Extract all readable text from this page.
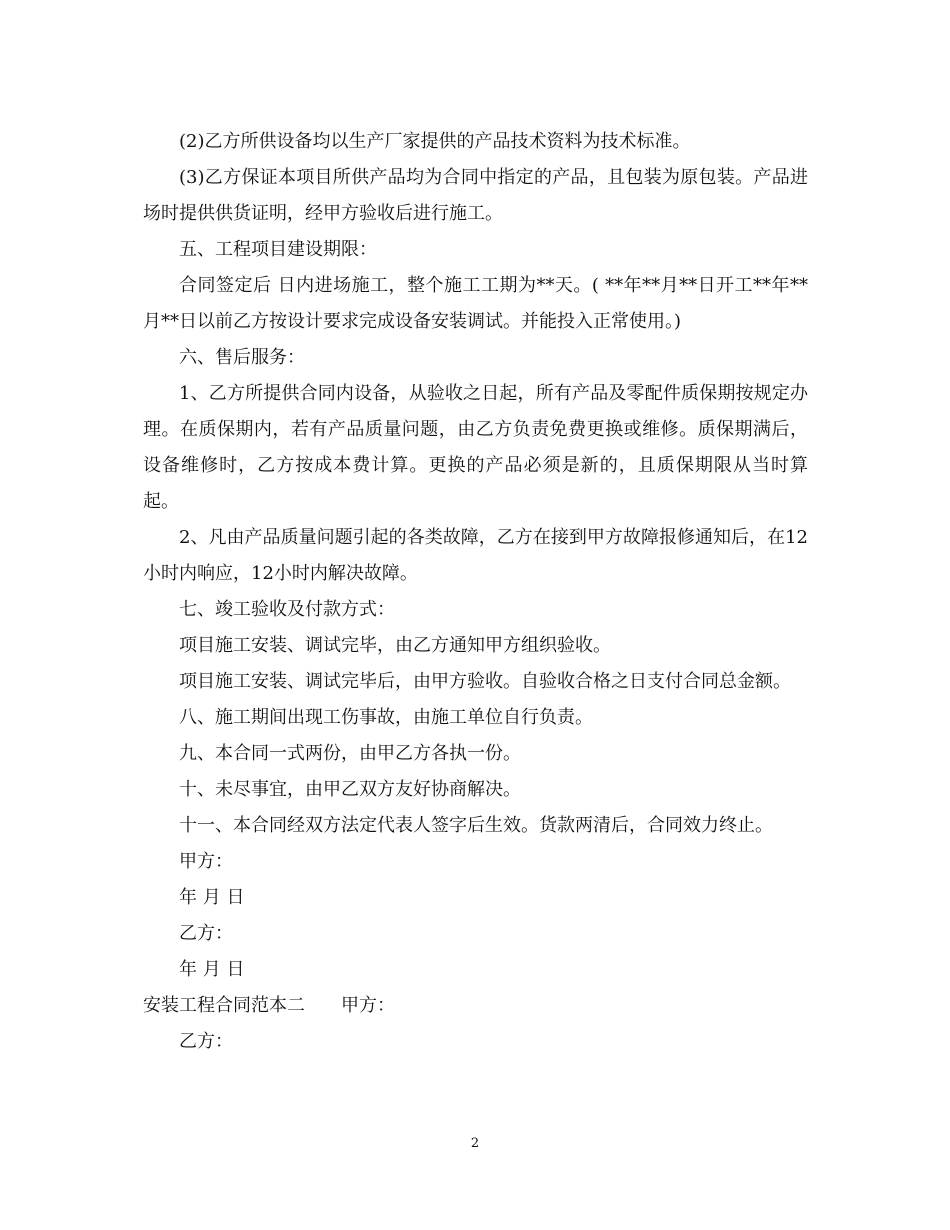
(2)乙方所供设备均以生产厂家提供的产品技术资料为技术标准。

(3)乙方保证本项目所供产品均为合同中指定的产品，且包装为原包装。产品进场时提供供货证明，经甲方验收后进行施工。

五、工程项目建设期限：

合同签定后 日内进场施工，整个施工工期为**天。( **年**月**日开工**年**月**日以前乙方按设计要求完成设备安装调试。并能投入正常使用。)

六、售后服务：

1、乙方所提供合同内设备，从验收之日起，所有产品及零配件质保期按规定办理。在质保期内，若有产品质量问题，由乙方负责免费更换或维修。质保期满后，设备维修时，乙方按成本费计算。更换的产品必须是新的，且质保期限从当时算起。

2、凡由产品质量问题引起的各类故障，乙方在接到甲方故障报修通知后，在12小时内响应，12小时内解决故障。

七、竣工验收及付款方式：

项目施工安装、调试完毕，由乙方通知甲方组织验收。

项目施工安装、调试完毕后，由甲方验收。自验收合格之日支付合同总金额。

八、施工期间出现工伤事故，由施工单位自行负责。

九、本合同一式两份，由甲乙方各执一份。

十、未尽事宜，由甲乙双方友好协商解决。

十一、本合同经双方法定代表人签字后生效。货款两清后，合同效力终止。

甲方：

年 月 日

乙方：

年 月 日

安装工程合同范本二 甲方：

乙方：

2
